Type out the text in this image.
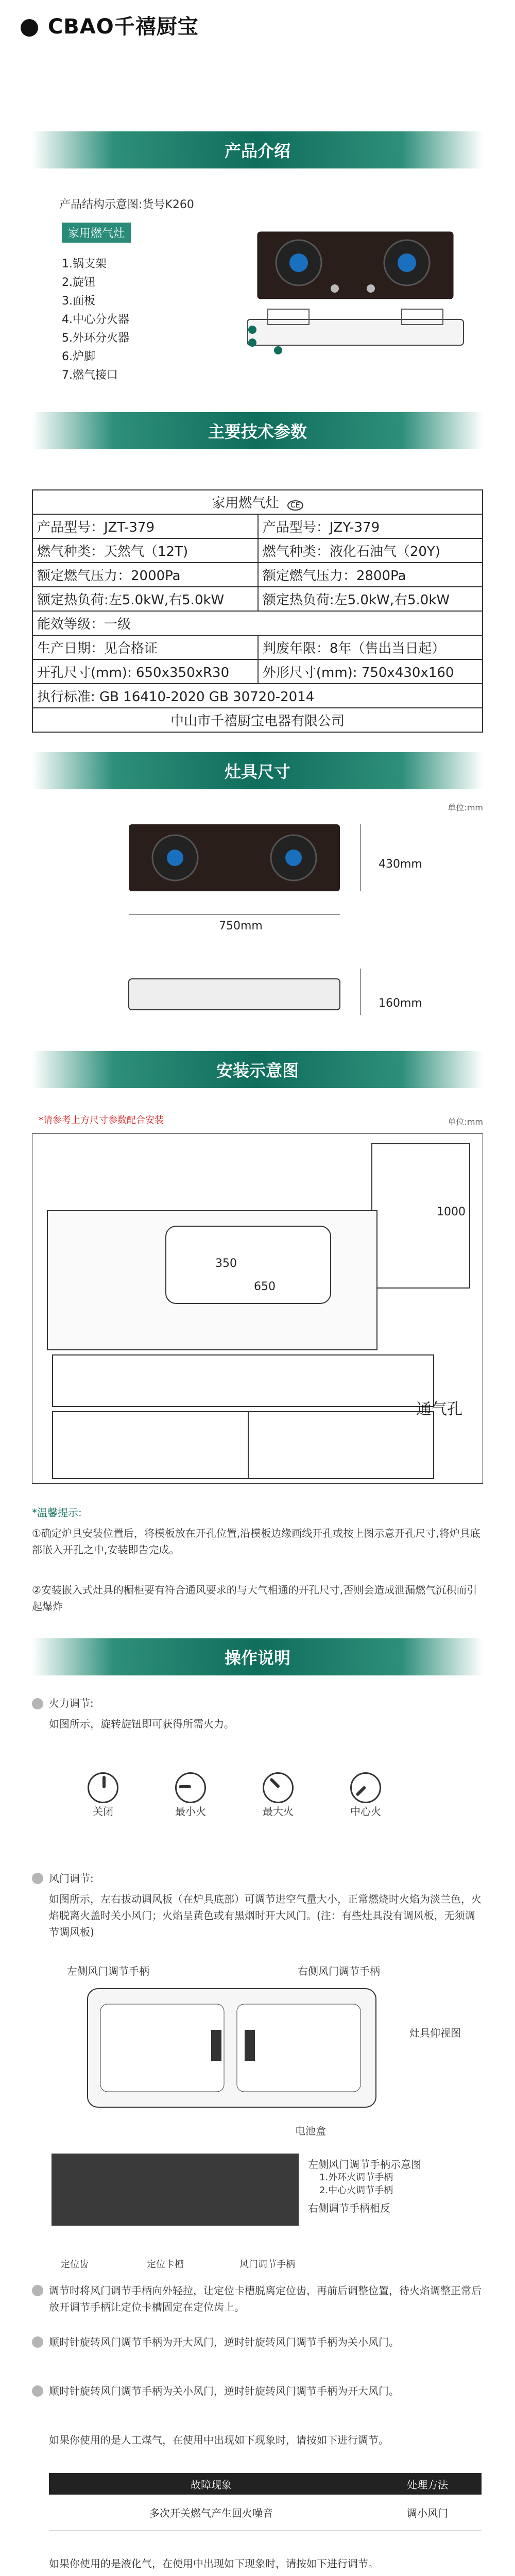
CBAO千禧厨宝
产品介绍
产品结构示意图:货号K260
家用燃气灶
1.锅支架
2.旋钮
3.面板
4.中心分火器
5.外环分火器
6.炉脚
7.燃气接口
主要技术参数
家用燃气灶 CE	
产品型号：JZT-379	产品型号：JZY-379
燃气种类：天然气（12T)	燃气种类：液化石油气（20Y)
额定燃气压力：2000Pa	额定燃气压力：2800Pa
额定热负荷:左5.0kW,右5.0kW	额定热负荷:左5.0kW,右5.0kW
能效等级：一级	
生产日期：见合格证	判废年限：8年（售出当日起）
开孔尺寸(mm): 650x350xR30	外形尺寸(mm): 750x430x160
执行标准: GB 16410-2020 GB 30720-2014	
中山市千禧厨宝电器有限公司	
灶具尺寸
单位:mm
430mm
750mm
160mm
安装示意图
*请参考上方尺寸参数配合安装	单位:mm
1000
350
650
通气孔
*温馨提示:
①确定炉具安装位置后，将模板放在开孔位置,沿模板边缘画线开孔或按上图示意开孔尺寸,将炉具底部嵌入开孔之中,安装即告完成。
②安装嵌入式灶具的橱柜要有符合通风要求的与大气相通的开孔尺寸,否则会造成泄漏燃气沉积而引起爆炸
操作说明
火力调节:
如图所示，旋转旋钮即可获得所需火力。
关闭	最小火	最大火	中心火
风门调节:
如图所示，左右拔动调风板（在炉具底部）可调节进空气量大小，正常燃烧时火焰为淡兰色，火焰脱离火盖时关小风门；火焰呈黄色或有黑烟时开大风门。(注：有些灶具没有调风板，无须调节调风板)
左侧风门调节手柄	右侧风门调节手柄
灶具仰视图
电池盒
左侧风门调节手柄示意图
1.外环火调节手柄
2.中心火调节手柄
右侧调节手柄相反
定位齿	定位卡槽	风门调节手柄
调节时将风门调节手柄向外轻拉，让定位卡槽脱离定位齿，再前后调整位置，待火焰调整正常后放开调节手柄让定位卡槽固定在定位齿上。
顺时针旋转风门调节手柄为开大风门，逆时针旋转风门调节手柄为关小风门。
顺时针旋转风门调节手柄为关小风门，逆时针旋转风门调节手柄为开大风门。
如果你使用的是人工煤气，在使用中出现如下现象时，请按如下进行调节。
故障现象	处理方法
多次开关燃气产生回火噪音	调小风门
如果你使用的是液化气，在使用中出现如下现象时，请按如下进行调节。
